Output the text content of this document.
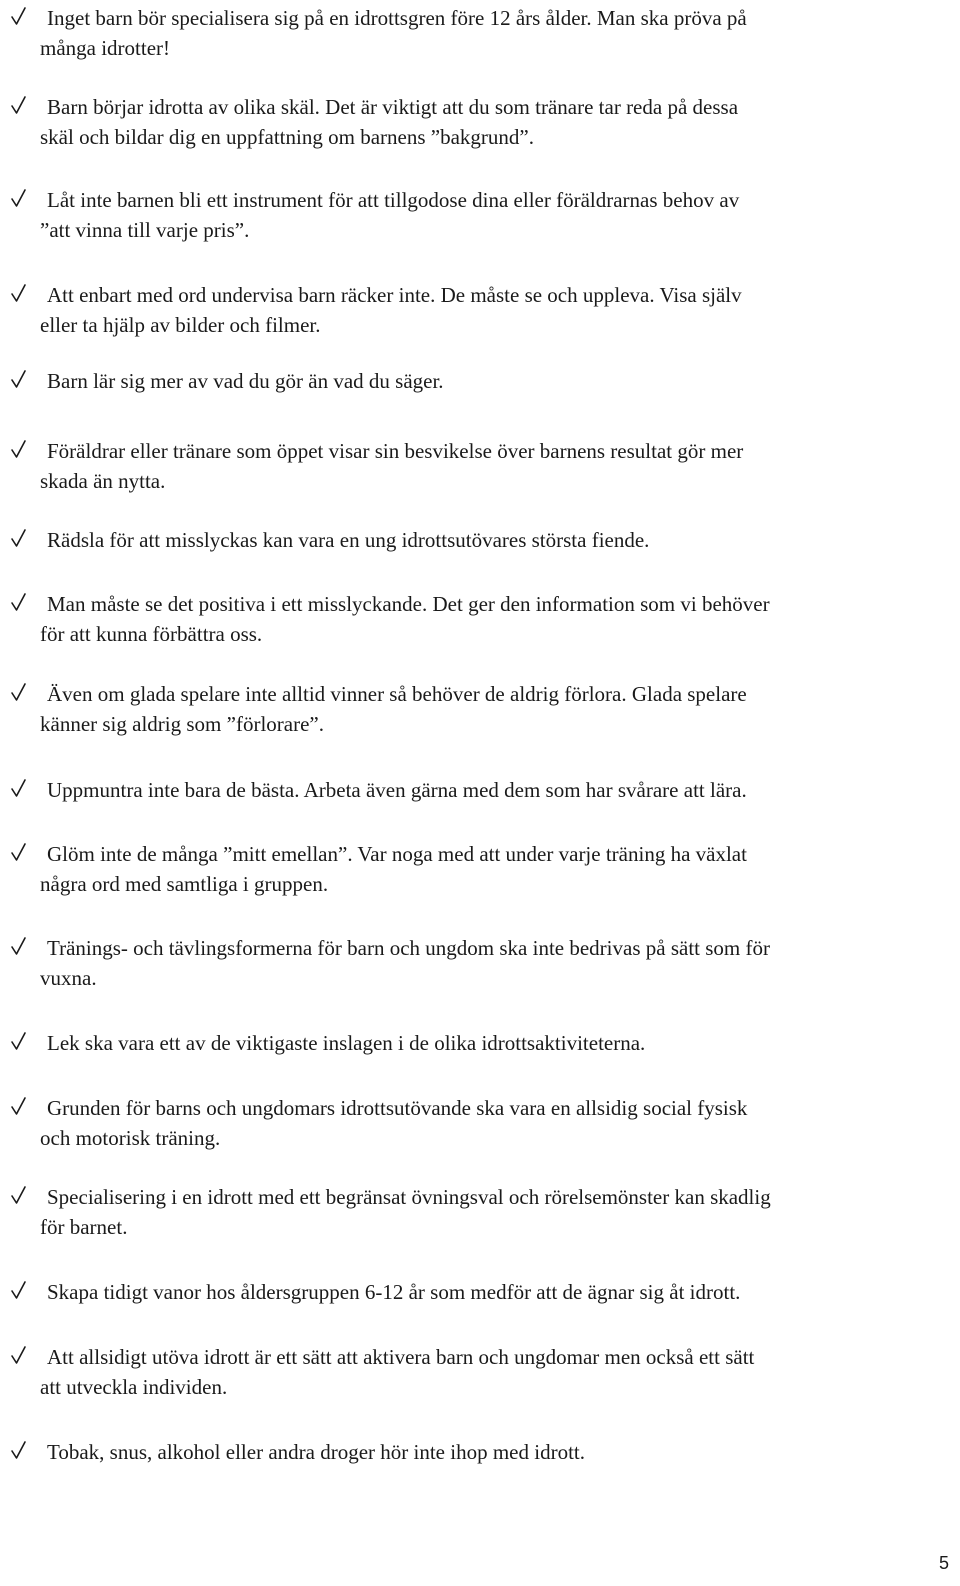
Inget barn bör specialisera sig på en idrottsgren före 12 års ålder. Man ska pröva på
många idrotter!
Barn börjar idrotta av olika skäl. Det är viktigt att du som tränare tar reda på dessa
skäl och bildar dig en uppfattning om barnens ”bakgrund”.
Låt inte barnen bli ett instrument för att tillgodose dina eller föräldrarnas behov av
”att vinna till varje pris”.
Att enbart med ord undervisa barn räcker inte. De måste se och uppleva. Visa själv
eller ta hjälp av bilder och filmer.
Barn lär sig mer av vad du gör än vad du säger.
Föräldrar eller tränare som öppet visar sin besvikelse över barnens resultat gör mer
skada än nytta.
Rädsla för att misslyckas kan vara en ung idrottsutövares största fiende.
Man måste se det positiva i ett misslyckande. Det ger den information som vi behöver
för att kunna förbättra oss.
Även om glada spelare inte alltid vinner så behöver de aldrig förlora. Glada spelare
känner sig aldrig som ”förlorare”.
Uppmuntra inte bara de bästa. Arbeta även gärna med dem som har svårare att lära.
Glöm inte de många ”mitt emellan”. Var noga med att under varje träning ha växlat
några ord med samtliga i gruppen.
Tränings- och tävlingsformerna för barn och ungdom ska inte bedrivas på sätt som för
vuxna.
Lek ska vara ett av de viktigaste inslagen i de olika idrottsaktiviteterna.
Grunden för barns och ungdomars idrottsutövande ska vara en allsidig social fysisk
och motorisk träning.
Specialisering i en idrott med ett begränsat övningsval och rörelsemönster kan skadlig
för barnet.
Skapa tidigt vanor hos åldersgruppen 6-12 år som medför att de ägnar sig åt idrott.
Att allsidigt utöva idrott är ett sätt att aktivera barn och ungdomar men också ett sätt
att utveckla individen.
Tobak, snus, alkohol eller andra droger hör inte ihop med idrott.
5
